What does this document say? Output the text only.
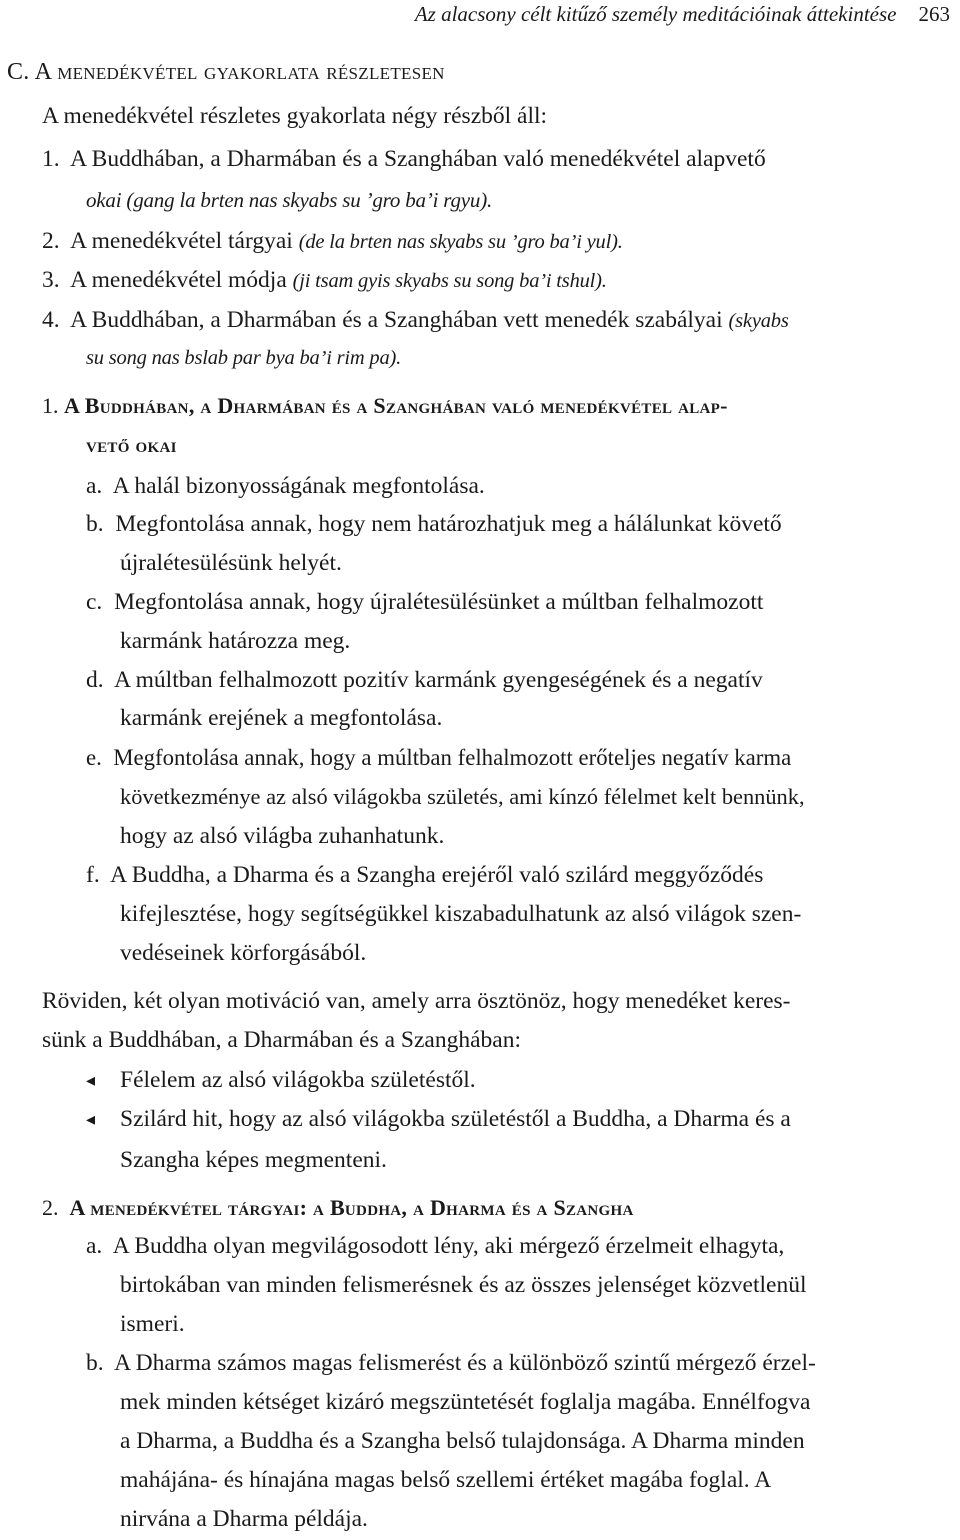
Az alacsony célt kitűző személy meditációinak áttekintése 263
C. A menedékvétel gyakorlata részletesen
A menedékvétel részletes gyakorlata négy részből áll:
1. A Buddhában, a Dharmában és a Szanghában való menedékvétel alapvető
okai (gang la brten nas skyabs su ’gro ba’i rgyu).
2. A menedékvétel tárgyai (de la brten nas skyabs su ’gro ba’i yul).
3. A menedékvétel módja (ji tsam gyis skyabs su song ba’i tshul).
4. A Buddhában, a Dharmában és a Szanghában vett menedék szabályai (skyabs
su song nas bslab par bya ba’i rim pa).
1. A Buddhában, a Dharmában és a Szanghában való menedékvétel alap-
vető okai
a. A halál bizonyosságának megfontolása.
b. Megfontolása annak, hogy nem határozhatjuk meg a hálálunkat követő
újralétesülésünk helyét.
c. Megfontolása annak, hogy újralétesülésünket a múltban felhalmozott
karmánk határozza meg.
d. A múltban felhalmozott pozitív karmánk gyengeségének és a negatív
karmánk erejének a megfontolása.
e. Megfontolása annak, hogy a múltban felhalmozott erőteljes negatív karma
következménye az alsó világokba születés, ami kínzó félelmet kelt bennünk,
hogy az alsó világba zuhanhatunk.
f. A Buddha, a Dharma és a Szangha erejéről való szilárd meggyőződés
kifejlesztése, hogy segítségükkel kiszabadulhatunk az alsó világok szen-
vedéseinek körforgásából.
Röviden, két olyan motiváció van, amely arra ösztönöz, hogy menedéket keres-
sünk a Buddhában, a Dharmában és a Szanghában:
◂ Félelem az alsó világokba születéstől.
◂ Szilárd hit, hogy az alsó világokba születéstől a Buddha, a Dharma és a
Szangha képes megmenteni.
2. A menedékvétel tárgyai: a Buddha, a Dharma és a Szangha
a. A Buddha olyan megvilágosodott lény, aki mérgező érzelmeit elhagyta,
birtokában van minden felismerésnek és az összes jelenséget közvetlenül
ismeri.
b. A Dharma számos magas felismerést és a különböző szintű mérgező érzel-
mek minden kétséget kizáró megszüntetését foglalja magába. Ennélfogva
a Dharma, a Buddha és a Szangha belső tulajdonsága. A Dharma minden
mahájána- és hínajána magas belső szellemi értéket magába foglal. A
nirvána a Dharma példája.
